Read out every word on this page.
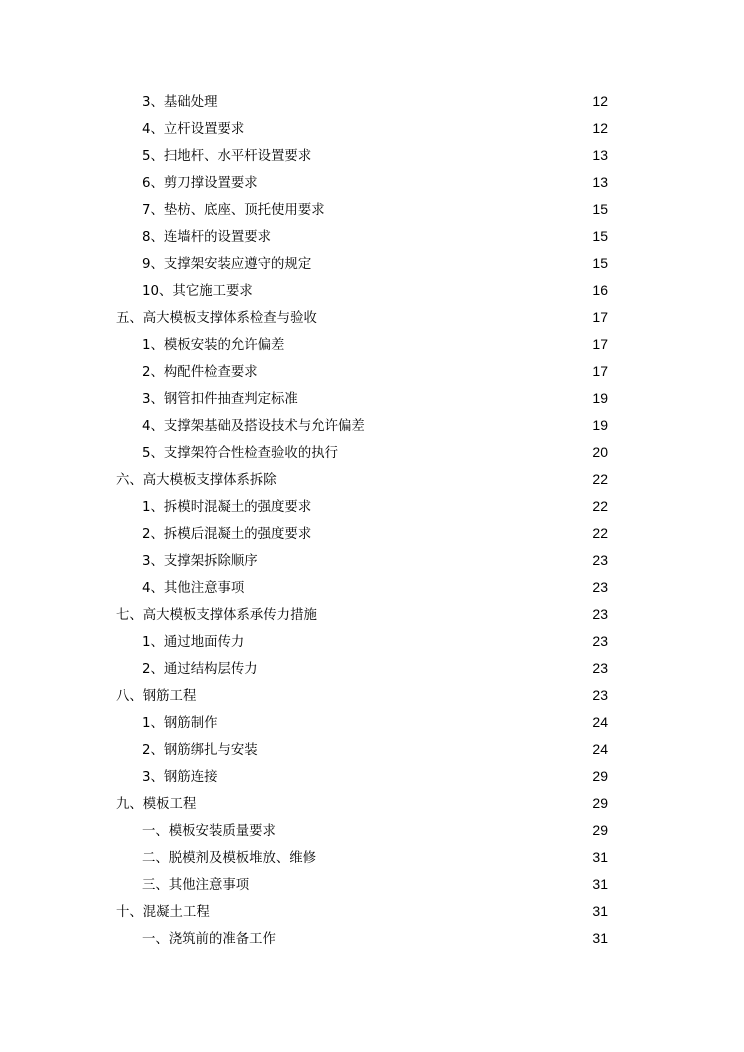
3、基础处理	12
4、立杆设置要求	12
5、扫地杆、水平杆设置要求	13
6、剪刀撑设置要求	13
7、垫枋、底座、顶托使用要求	15
8、连墙杆的设置要求	15
9、支撑架安装应遵守的规定	15
10、其它施工要求	16
五、高大模板支撑体系检查与验收	17
1、模板安装的允许偏差	17
2、构配件检查要求	17
3、钢管扣件抽查判定标准	19
4、支撑架基础及搭设技术与允许偏差	19
5、支撑架符合性检查验收的执行	20
六、高大模板支撑体系拆除	22
1、拆模时混凝土的强度要求	22
2、拆模后混凝土的强度要求	22
3、支撑架拆除顺序	23
4、其他注意事项	23
七、高大模板支撑体系承传力措施	23
1、通过地面传力	23
2、通过结构层传力	23
八、钢筋工程	23
1、钢筋制作	24
2、钢筋绑扎与安装	24
3、钢筋连接	29
九、模板工程	29
一、模板安装质量要求	29
二、脱模剂及模板堆放、维修	31
三、其他注意事项	31
十、混凝土工程	31
一、浇筑前的准备工作	31
